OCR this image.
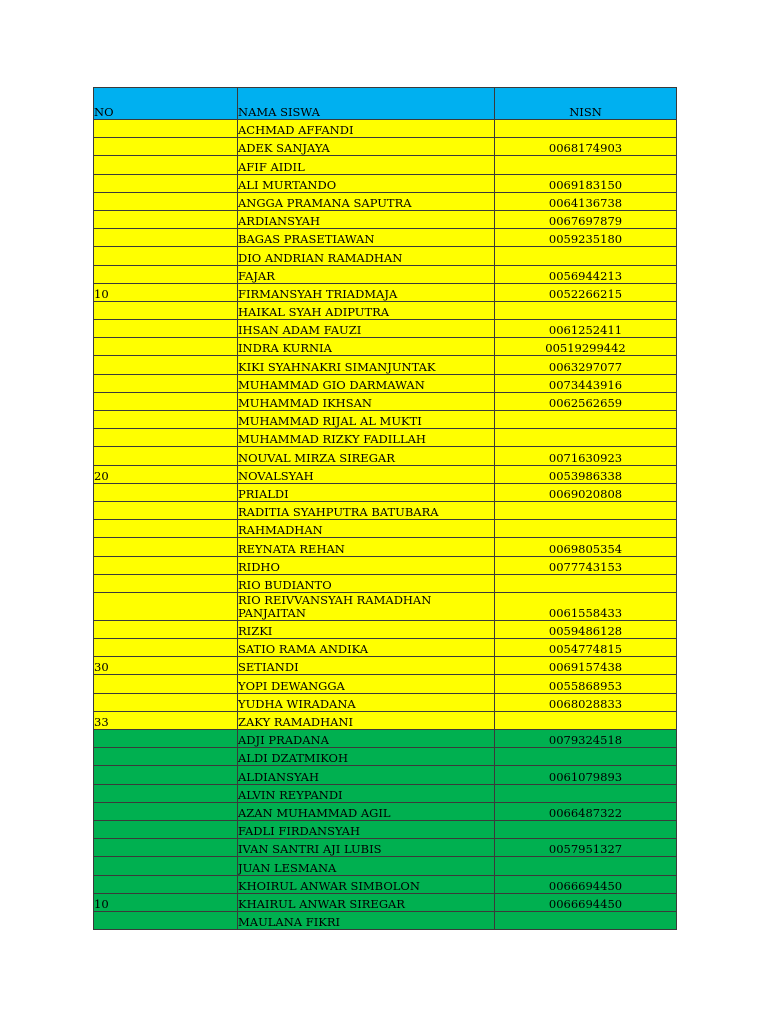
NO	NAMA SISWA	NISN
	ACHMAD AFFANDI	
	ADEK SANJAYA	0068174903
	AFIF AIDIL	
	ALI MURTANDO	0069183150
	ANGGA PRAMANA SAPUTRA	0064136738
	ARDIANSYAH	0067697879
	BAGAS PRASETIAWAN	0059235180
	DIO ANDRIAN RAMADHAN	
	FAJAR	0056944213
10	FIRMANSYAH TRIADMAJA	0052266215
	HAIKAL SYAH ADIPUTRA	
	IHSAN ADAM FAUZI	0061252411
	INDRA KURNIA	00519299442
	KIKI SYAHNAKRI SIMANJUNTAK	0063297077
	MUHAMMAD GIO DARMAWAN	0073443916
	MUHAMMAD IKHSAN	0062562659
	MUHAMMAD RIJAL AL MUKTI	
	MUHAMMAD RIZKY FADILLAH	
	NOUVAL MIRZA SIREGAR	0071630923
20	NOVALSYAH	0053986338
	PRIALDI	0069020808
	RADITIA SYAHPUTRA BATUBARA	
	RAHMADHAN	
	REYNATA REHAN	0069805354
	RIDHO	0077743153
	RIO BUDIANTO	
	RIO REIVVANSYAH RAMADHAN PANJAITAN	0061558433
	RIZKI	0059486128
	SATIO RAMA ANDIKA	0054774815
30	SETIANDI	0069157438
	YOPI DEWANGGA	0055868953
	YUDHA WIRADANA	0068028833
33	ZAKY RAMADHANI	
	ADJI PRADANA	0079324518
	ALDI DZATMIKOH	
	ALDIANSYAH	0061079893
	ALVIN REYPANDI	
	AZAN MUHAMMAD AGIL	0066487322
	FADLI FIRDANSYAH	
	IVAN SANTRI AJI LUBIS	0057951327
	JUAN LESMANA	
	KHOIRUL ANWAR SIMBOLON	0066694450
10	KHAIRUL ANWAR SIREGAR	0066694450
	MAULANA FIKRI	
